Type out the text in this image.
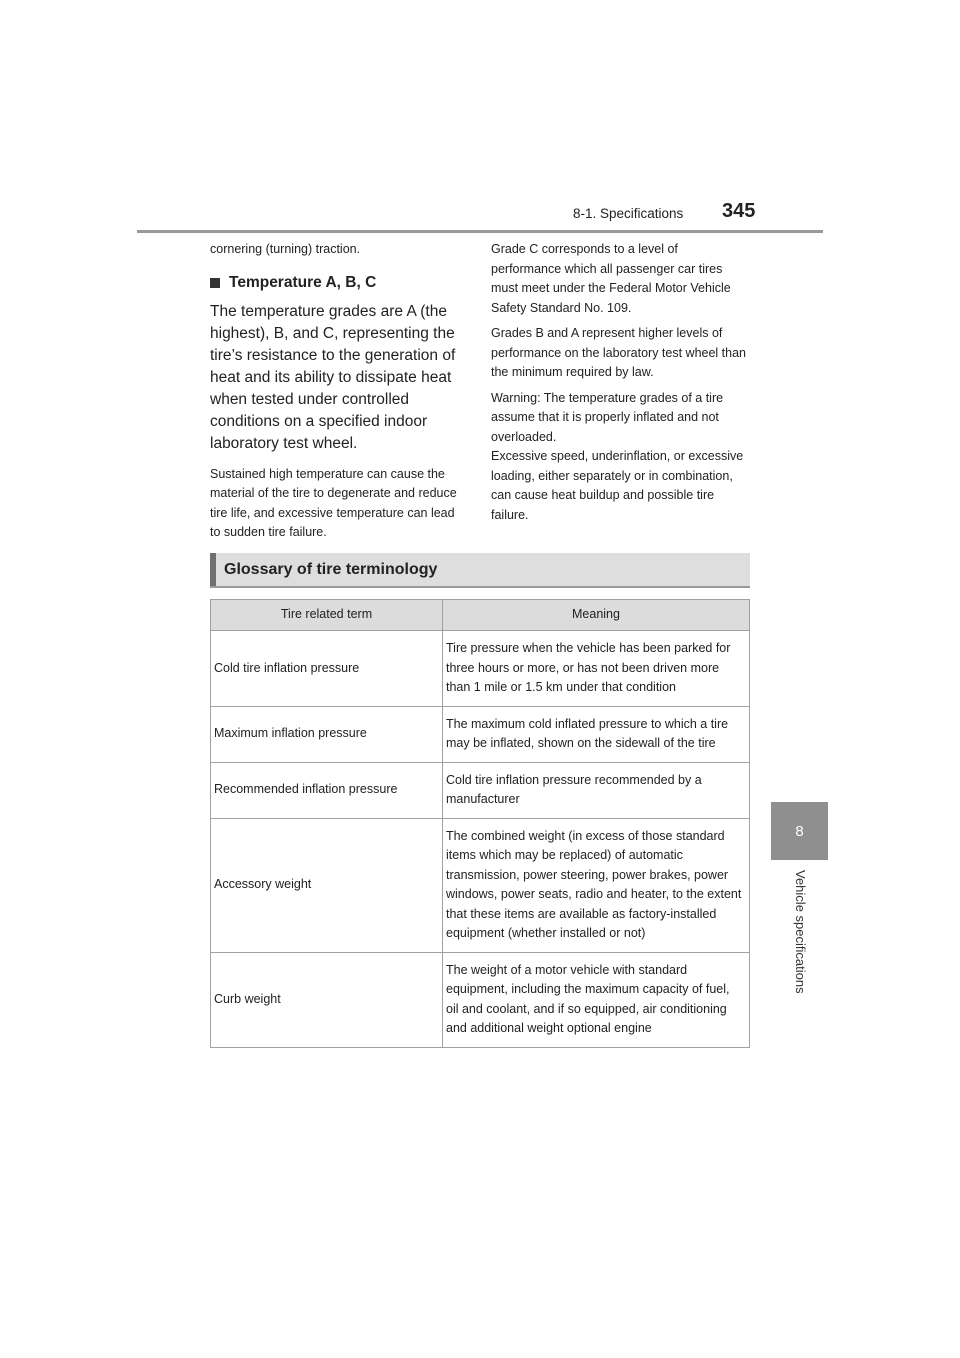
8-1. Specifications 345
8
Vehicle specifications

cornering (turning) traction.

Temperature A, B, C

The temperature grades are A (the highest), B, and C, representing the tire’s resistance to the generation of heat and its ability to dissipate heat when tested under controlled conditions on a specified indoor laboratory test wheel.

Sustained high temperature can cause the material of the tire to degenerate and reduce tire life, and excessive temperature can lead to sudden tire failure.

Grade C corresponds to a level of performance which all passenger car tires must meet under the Federal Motor Vehicle Safety Standard No. 109.

Grades B and A represent higher levels of performance on the laboratory test wheel than the minimum required by law.

Warning: The temperature grades of a tire assume that it is properly inflated and not overloaded.

Excessive speed, underinflation, or excessive loading, either separately or in combination, can cause heat buildup and possible tire failure.

Glossary of tire terminology
Tire related term	Meaning
Cold tire inflation pressure	Tire pressure when the vehicle has been parked for three hours or more, or has not been driven more than 1 mile or 1.5 km under that condition
Maximum inflation pressure	The maximum cold inflated pressure to which a tire may be inflated, shown on the sidewall of the tire
Recommended inflation pressure	Cold tire inflation pressure recommended by a manufacturer
Accessory weight	The combined weight (in excess of those standard items which may be replaced) of automatic transmission, power steering, power brakes, power windows, power seats, radio and heater, to the extent that these items are available as factory-installed equipment (whether installed or not)
Curb weight	The weight of a motor vehicle with standard equipment, including the maximum capacity of fuel, oil and coolant, and if so equipped, air conditioning and additional weight optional engine
